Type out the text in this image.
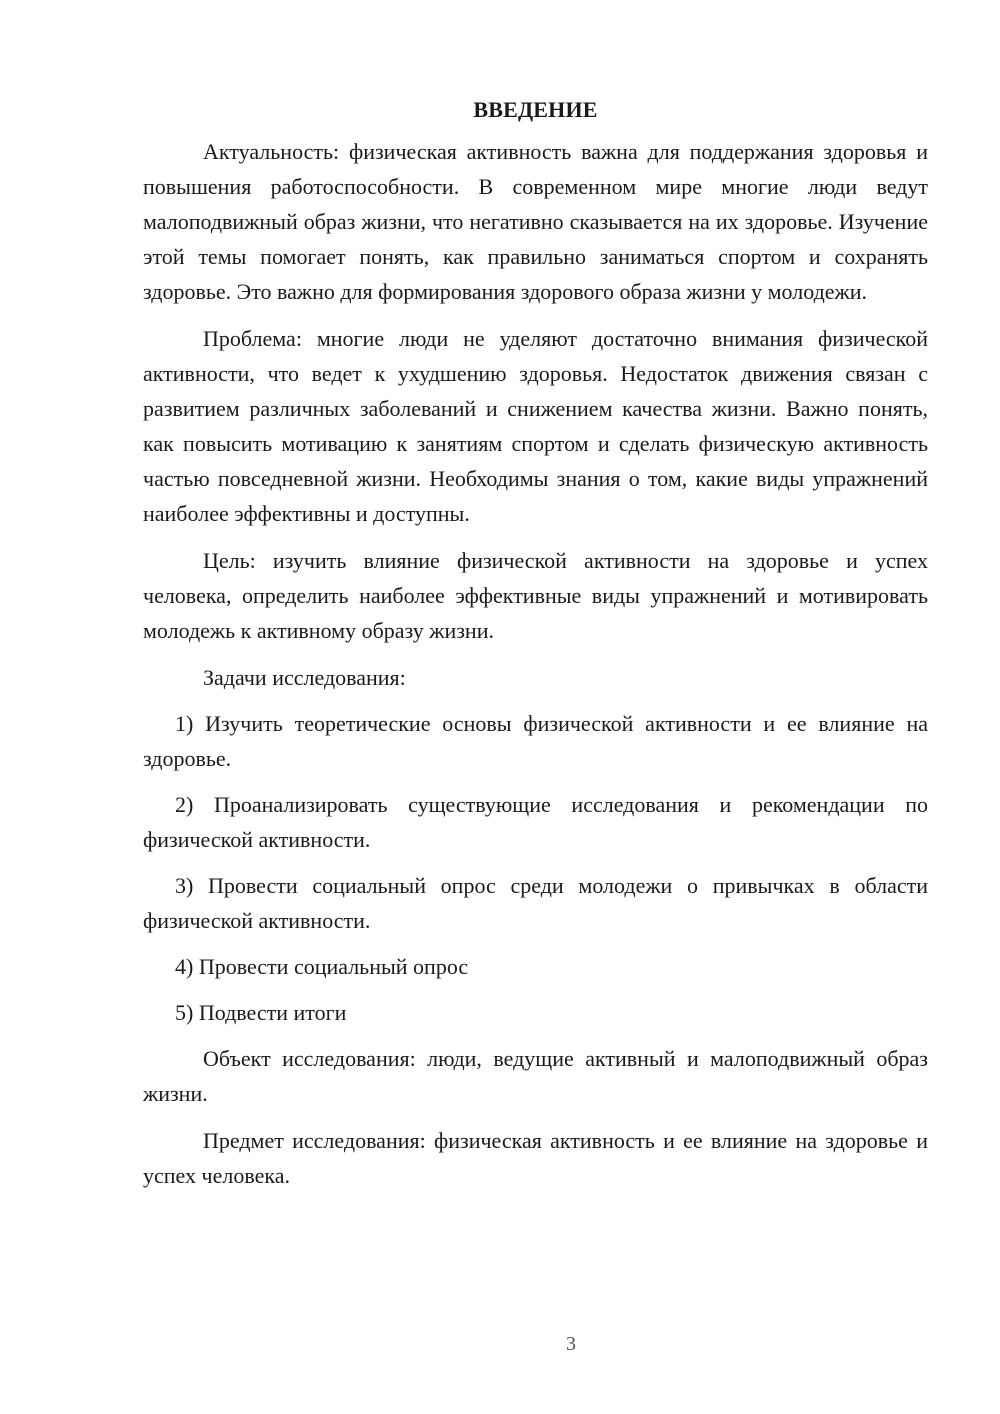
ВВЕДЕНИЕ

Актуальность: физическая активность важна для поддержания здоровья и повышения работоспособности. В современном мире многие люди ведут малоподвижный образ жизни, что негативно сказывается на их здоровье. Изучение этой темы помогает понять, как правильно заниматься спортом и сохранять здоровье. Это важно для формирования здорового образа жизни у молодежи.

Проблема: многие люди не уделяют достаточно внимания физической активности, что ведет к ухудшению здоровья. Недостаток движения связан с развитием различных заболеваний и снижением качества жизни. Важно понять, как повысить мотивацию к занятиям спортом и сделать физическую активность частью повседневной жизни. Необходимы знания о том, какие виды упражнений наиболее эффективны и доступны.

Цель: изучить влияние физической активности на здоровье и успех человека, определить наиболее эффективные виды упражнений и мотивировать молодежь к активному образу жизни.

Задачи исследования:

1) Изучить теоретические основы физической активности и ее влияние на здоровье.

2) Проанализировать существующие исследования и рекомендации по физической активности.

3) Провести социальный опрос среди молодежи о привычках в области физической активности.

4) Провести социальный опрос

5) Подвести итоги

Объект исследования: люди, ведущие активный и малоподвижный образ жизни.

Предмет исследования: физическая активность и ее влияние на здоровье и успех человека.

3
